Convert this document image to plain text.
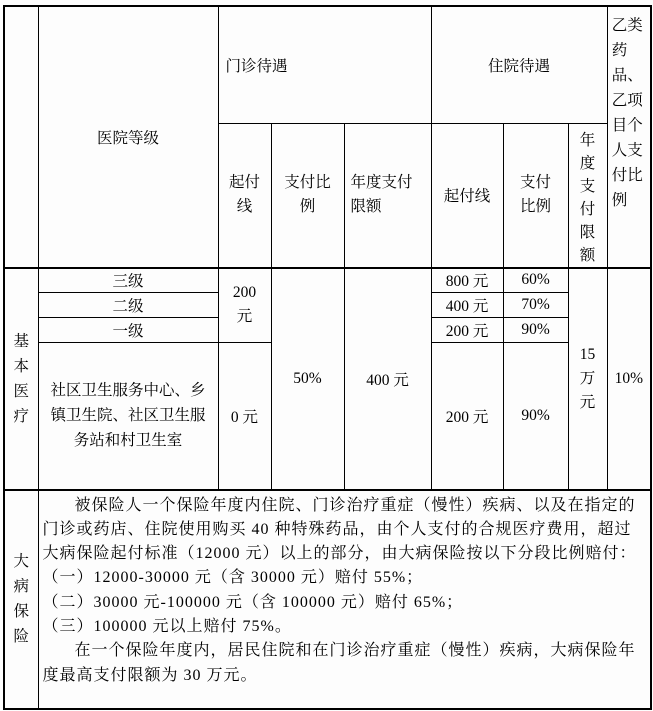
	医院等级	门诊待遇			住院待遇			乙类药品、乙项目个人支付比例

		起付线	支付比例	年度支付限额	起付线	支付比例	年度支付限额	

基本医疗	三级	200元	50%	400 元	800 元	60%	15万元	10%
	二级				400 元	70%		
	一级				200 元	90%		
	社区卫生服务中心、乡镇卫生院、社区卫生服务站和村卫生室	0 元			200 元	90%		

大病保险	被保险人一个保险年度内住院、门诊治疗重症（慢性）疾病、以及在指定的门诊或药店、住院使用购买 40 种特殊药品，由个人支付的合规医疗费用，超过大病保险起付标准（12000 元）以上的部分，由大病保险按以下分段比例赔付：

（一）12000-30000 元（含 30000 元）赔付 55%；

（二）30000 元-100000 元（含 100000 元）赔付 65%；

（三）100000 元以上赔付 75%。

在一个保险年度内，居民住院和在门诊治疗重症（慢性）疾病，大病保险年度最高支付限额为 30 万元。							
